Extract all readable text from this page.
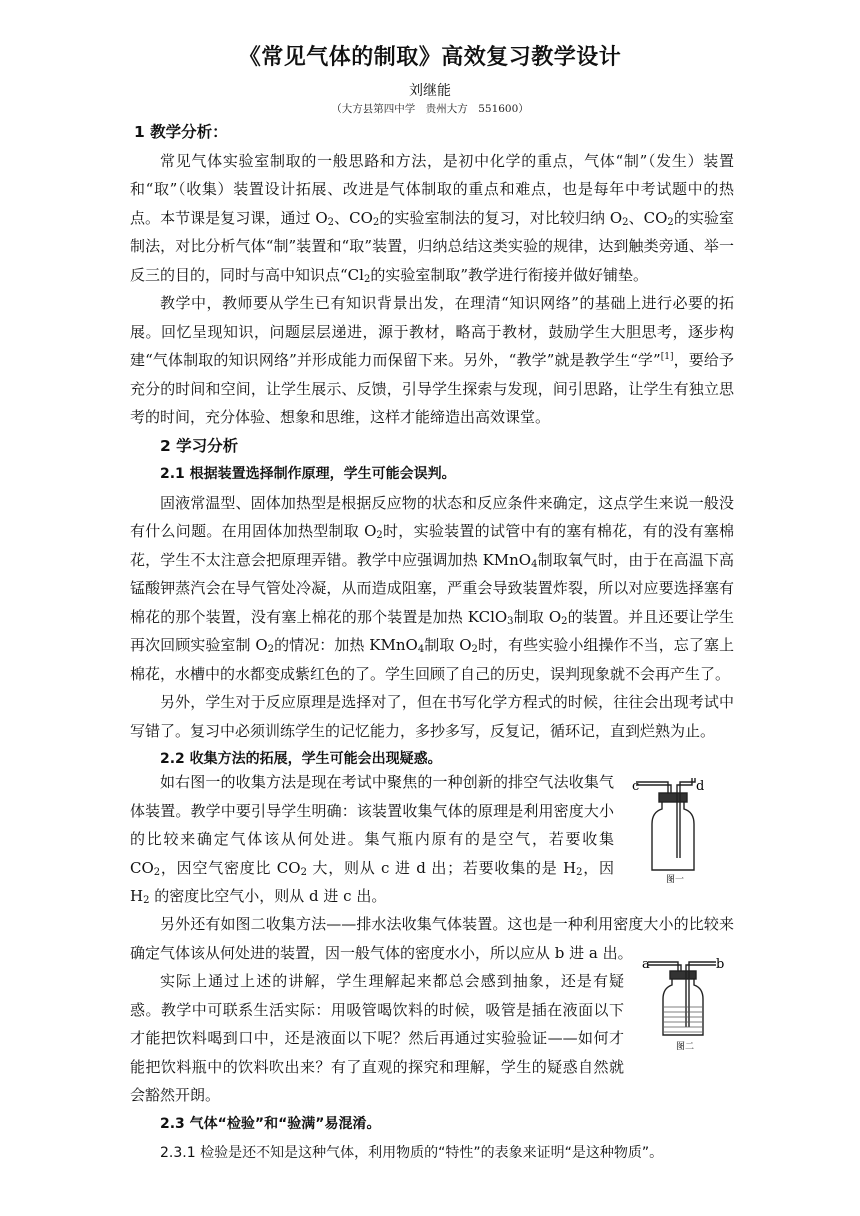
《常见气体的制取》高效复习教学设计
刘继能
（大方县第四中学　贵州大方　551600）
1 教学分析：

常见气体实验室制取的一般思路和方法，是初中化学的重点，气体“制”（发生）装置和“取”（收集）装置设计拓展、改进是气体制取的重点和难点，也是每年中考试题中的热点。本节课是复习课，通过 $O_2$、$CO_2$的实验室制法的复习，对比较归纳 $O_2$、$CO_2$的实验室制法，对比分析气体“制”装置和“取”装置，归纳总结这类实验的规律，达到触类旁通、举一反三的目的，同时与高中知识点“$Cl_2$的实验室制取”教学进行衔接并做好铺垫。

教学中，教师要从学生已有知识背景出发，在理清“知识网络”的基础上进行必要的拓展。回忆呈现知识，问题层层递进，源于教材，略高于教材，鼓励学生大胆思考，逐步构建“气体制取的知识网络”并形成能力而保留下来。另外，“教学”就是教学生“学”[1]，要给予充分的时间和空间，让学生展示、反馈，引导学生探索与发现，间引思路，让学生有独立思考的时间，充分体验、想象和思维，这样才能缔造出高效课堂。

2 学习分析
2.1 根据装置选择制作原理，学生可能会误判。

固液常温型、固体加热型是根据反应物的状态和反应条件来确定，这点学生来说一般没有什么问题。在用固体加热型制取 $O_2$时，实验装置的试管中有的塞有棉花，有的没有塞棉花，学生不太注意会把原理弄错。教学中应强调加热 KMnO$_4$制取氧气时，由于在高温下高锰酸钾蒸汽会在导气管处冷凝，从而造成阻塞，严重会导致装置炸裂，所以对应要选择塞有棉花的那个装置，没有塞上棉花的那个装置是加热 KClO$_3$制取 $O_2$的装置。并且还要让学生再次回顾实验室制 $O_2$的情况：加热 KMnO$_4$制取 $O_2$时，有些实验小组操作不当，忘了塞上棉花，水槽中的水都变成紫红色的了。学生回顾了自己的历史，误判现象就不会再产生了。

另外，学生对于反应原理是选择对了，但在书写化学方程式的时候，往往会出现考试中写错了。复习中必须训练学生的记忆能力，多抄多写，反复记，循环记，直到烂熟为止。

2.2 收集方法的拓展，学生可能会出现疑惑。

如右图一的收集方法是现在考试中聚焦的一种创新的排空气法收集气体装置。教学中要引导学生明确：该装置收集气体的原理是利用密度大小的比较来确定气体该从何处进。集气瓶内原有的是空气，若要收集 $CO_2$，因空气密度比 $CO_2$ 大，则从 c 进 d 出；若要收集的是 $H_2$，因 $H_2$ 的密度比空气小，则从 d 进 c 出。

另外还有如图二收集方法——排水法收集气体装置。这也是一种利用密度大小的比较来确定气体该从何处进的装置，因一般气体的密度水小，所以应从 b 进 a 出。

实际上通过上述的讲解，学生理解起来都总会感到抽象，还是有疑惑。教学中可联系生活实际：用吸管喝饮料的时候，吸管是插在液面以下才能把饮料喝到口中，还是液面以下呢？然后再通过实验验证——如何才能把饮料瓶中的饮料吹出来？有了直观的探究和理解，学生的疑惑自然就会豁然开朗。

2.3 气体“检验”和“验满”易混淆。
2.3.1 检验是还不知是这种气体，利用物质的“特性”的表象来证明“是这种物质”。
c	d
图一
a	b
图二
